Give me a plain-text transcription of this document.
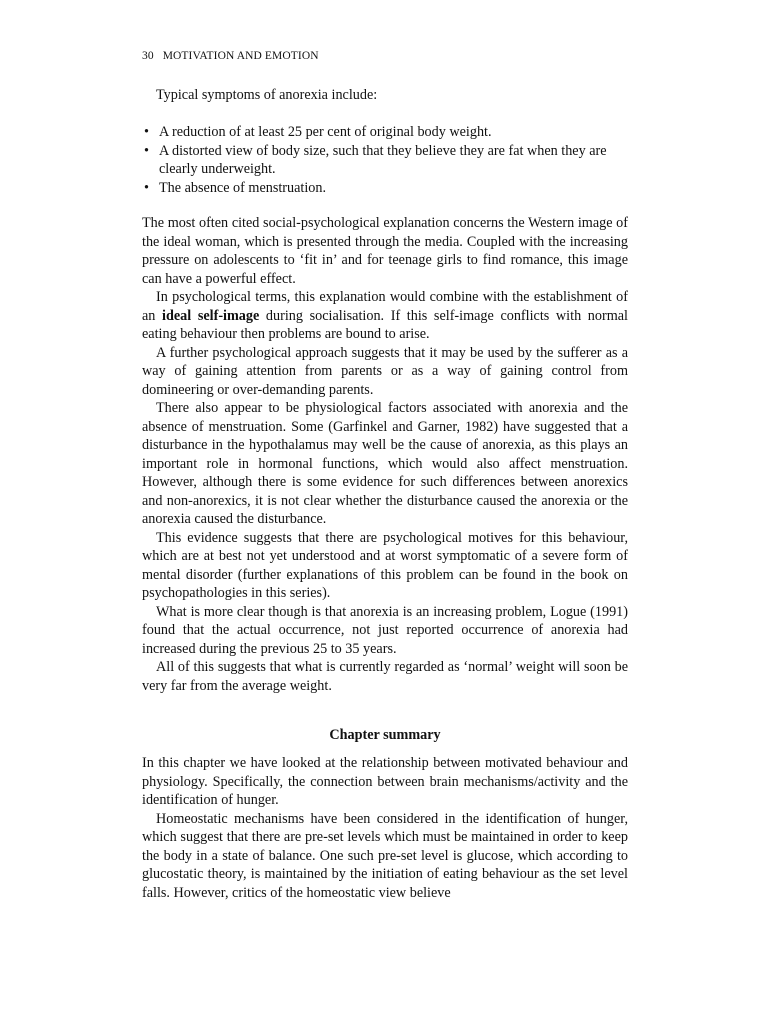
30 MOTIVATION AND EMOTION
Typical symptoms of anorexia include:
• A reduction of at least 25 per cent of original body weight.
• A distorted view of body size, such that they believe they are fat when they are clearly underweight.
• The absence of menstruation.

The most often cited social-psychological explanation concerns the Western image of the ideal woman, which is presented through the media. Coupled with the increasing pressure on adolescents to ‘fit in’ and for teenage girls to find romance, this image can have a powerful effect.

In psychological terms, this explanation would combine with the establishment of an ideal self-image during socialisation. If this self-image conflicts with normal eating behaviour then problems are bound to arise.

A further psychological approach suggests that it may be used by the sufferer as a way of gaining attention from parents or as a way of gaining control from domineering or over-demanding parents.

There also appear to be physiological factors associated with anorexia and the absence of menstruation. Some (Garfinkel and Garner, 1982) have suggested that a disturbance in the hypothalamus may well be the cause of anorexia, as this plays an important role in hormonal functions, which would also affect menstruation. However, although there is some evidence for such differences between anorexics and non-anorexics, it is not clear whether the disturbance caused the anorexia or the anorexia caused the disturbance.

This evidence suggests that there are psychological motives for this behaviour, which are at best not yet understood and at worst symptomatic of a severe form of mental disorder (further explanations of this problem can be found in the book on psychopathologies in this series).

What is more clear though is that anorexia is an increasing problem, Logue (1991) found that the actual occurrence, not just reported occurrence of anorexia had increased during the previous 25 to 35 years.

All of this suggests that what is currently regarded as ‘normal’ weight will soon be very far from the average weight.

Chapter summary

In this chapter we have looked at the relationship between motivated behaviour and physiology. Specifically, the connection between brain mechanisms/activity and the identification of hunger.

Homeostatic mechanisms have been considered in the identification of hunger, which suggest that there are pre-set levels which must be maintained in order to keep the body in a state of balance. One such pre-set level is glucose, which according to glucostatic theory, is maintained by the initiation of eating behaviour as the set level falls. However, critics of the homeostatic view believe
